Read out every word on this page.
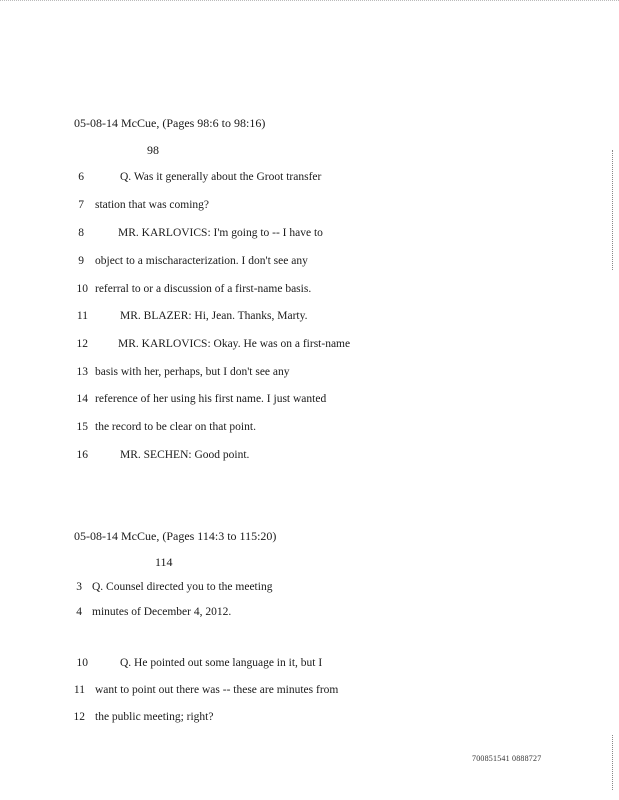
05-08-14 McCue, (Pages 98:6 to 98:16)
98
6	Q. Was it generally about the Groot transfer
7 station that was coming?
8	MR. KARLOVICS: I'm going to -- I have to
9 object to a mischaracterization. I don't see any
10 referral to or a discussion of a first-name basis.
11	MR. BLAZER: Hi, Jean. Thanks, Marty.
12	MR. KARLOVICS: Okay. He was on a first-name
13 basis with her, perhaps, but I don't see any
14 reference of her using his first name. I just wanted
15 the record to be clear on that point.
16	MR. SECHEN: Good point.
05-08-14 McCue, (Pages 114:3 to 115:20)
114
3 Q. Counsel directed you to the meeting
4 minutes of December 4, 2012.
10	Q. He pointed out some language in it, but I
11 want to point out there was -- these are minutes from
12 the public meeting; right?
700851541 0888727
